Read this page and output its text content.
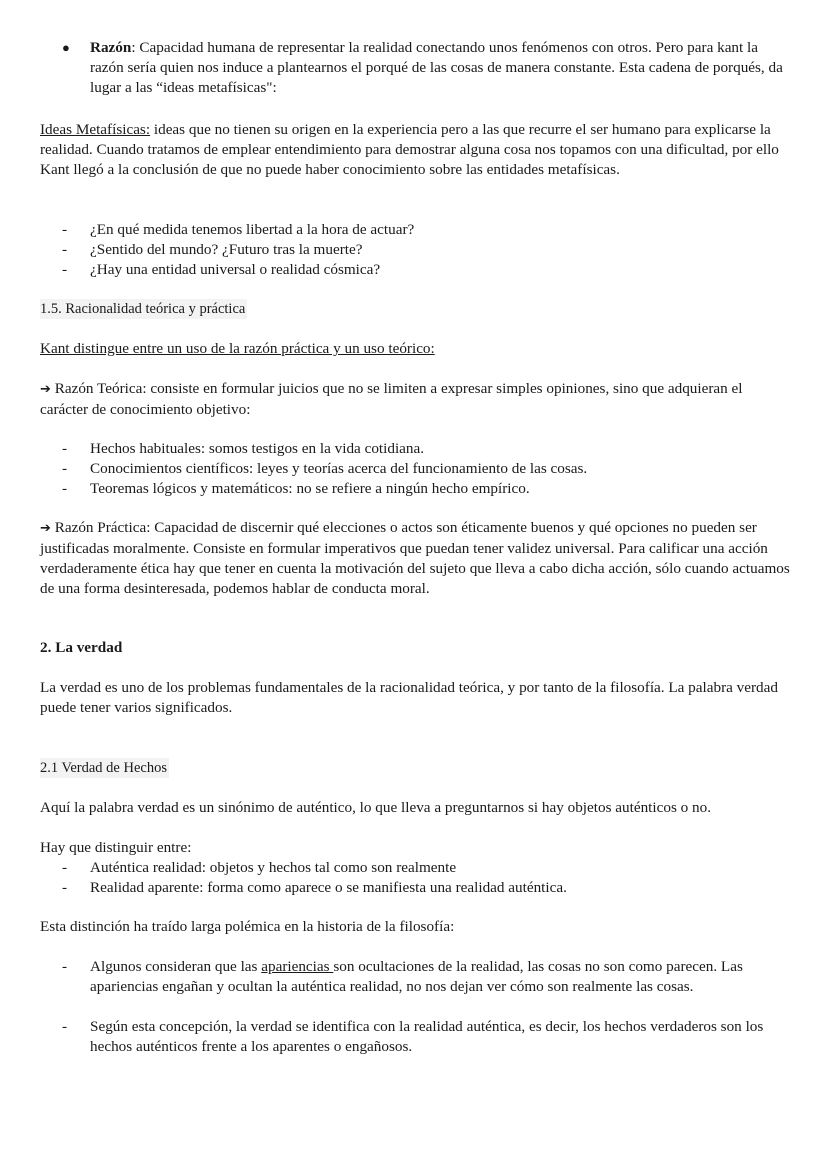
● Razón: Capacidad humana de representar la realidad conectando unos fenómenos con otros. Pero para kant la razón sería quien nos induce a plantearnos el porqué de las cosas de manera constante. Esta cadena de porqués, da lugar a las “ideas metafísicas":

Ideas Metafísicas: ideas que no tienen su origen en la experiencia pero a las que recurre el ser humano para explicarse la realidad. Cuando tratamos de emplear entendimiento para demostrar alguna cosa nos topamos con una dificultad, por ello Kant llegó a la conclusión de que no puede haber conocimiento sobre las entidades metafísicas.

- ¿En qué medida tenemos libertad a la hora de actuar?
- ¿Sentido del mundo? ¿Futuro tras la muerte?
- ¿Hay una entidad universal o realidad cósmica?
1.5. Racionalidad teórica y práctica
Kant distingue entre un uso de la razón práctica y un uso teórico:

➔ Razón Teórica: consiste en formular juicios que no se limiten a expresar simples opiniones, sino que adquieran el carácter de conocimiento objetivo:

- Hechos habituales: somos testigos en la vida cotidiana.
- Conocimientos científicos: leyes y teorías acerca del funcionamiento de las cosas.
- Teoremas lógicos y matemáticos: no se refiere a ningún hecho empírico.

➔ Razón Práctica: Capacidad de discernir qué elecciones o actos son éticamente buenos y qué opciones no pueden ser justificadas moralmente. Consiste en formular imperativos que puedan tener validez universal. Para calificar una acción verdaderamente ética hay que tener en cuenta la motivación del sujeto que lleva a cabo dicha acción, sólo cuando actuamos de una forma desinteresada, podemos hablar de conducta moral.

2. La verdad

La verdad es uno de los problemas fundamentales de la racionalidad teórica, y por tanto de la filosofía. La palabra verdad puede tener varios significados.

2.1 Verdad de Hechos

Aquí la palabra verdad es un sinónimo de auténtico, lo que lleva a preguntarnos si hay objetos auténticos o no.

Hay que distinguir entre:

- Auténtica realidad: objetos y hechos tal como son realmente
- Realidad aparente: forma como aparece o se manifiesta una realidad auténtica.

Esta distinción ha traído larga polémica en la historia de la filosofía:

- Algunos consideran que las apariencias son ocultaciones de la realidad, las cosas no son como parecen. Las apariencias engañan y ocultan la auténtica realidad, no nos dejan ver cómo son realmente las cosas.
- Según esta concepción, la verdad se identifica con la realidad auténtica, es decir, los hechos verdaderos son los hechos auténticos frente a los aparentes o engañosos.
